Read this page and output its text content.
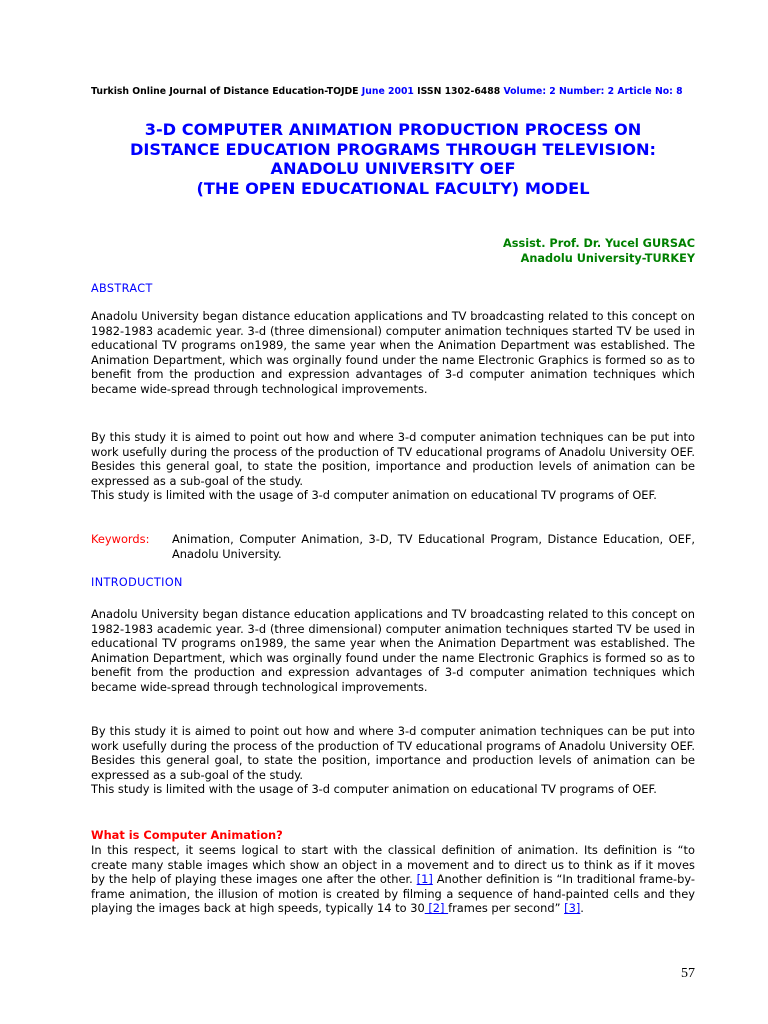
Turkish Online Journal of Distance Education-TOJDE June 2001 ISSN 1302-6488 Volume: 2 Number: 2 Article No: 8
3-D COMPUTER ANIMATION PRODUCTION PROCESS ON
DISTANCE EDUCATION PROGRAMS THROUGH TELEVISION:
ANADOLU UNIVERSITY OEF
(THE OPEN EDUCATIONAL FACULTY) MODEL
Assist. Prof. Dr. Yucel GURSAC
Anadolu University-TURKEY
ABSTRACT
Anadolu University began distance education applications and TV broadcasting related to this concept on 1982-1983 academic year. 3-d (three dimensional) computer animation techniques started TV be used in educational TV programs on1989, the same year when the Animation Department was established. The Animation Department, which was orginally found under the name Electronic Graphics is formed so as to benefit from the production and expression advantages of 3-d computer animation techniques which became wide-spread through technological improvements.
By this study it is aimed to point out how and where 3-d computer animation techniques can be put into work usefully during the process of the production of TV educational programs of Anadolu University OEF. Besides this general goal, to state the position, importance and production levels of animation can be expressed as a sub-goal of the study.
This study is limited with the usage of 3-d computer animation on educational TV programs of OEF.
Keywords: Animation, Computer Animation, 3-D, TV Educational Program, Distance Education, OEF, Anadolu University.
INTRODUCTION
Anadolu University began distance education applications and TV broadcasting related to this concept on 1982-1983 academic year. 3-d (three dimensional) computer animation techniques started TV be used in educational TV programs on1989, the same year when the Animation Department was established. The Animation Department, which was orginally found under the name Electronic Graphics is formed so as to benefit from the production and expression advantages of 3-d computer animation techniques which became wide-spread through technological improvements.
By this study it is aimed to point out how and where 3-d computer animation techniques can be put into work usefully during the process of the production of TV educational programs of Anadolu University OEF. Besides this general goal, to state the position, importance and production levels of animation can be expressed as a sub-goal of the study.
This study is limited with the usage of 3-d computer animation on educational TV programs of OEF.
What is Computer Animation?
In this respect, it seems logical to start with the classical definition of animation. Its definition is “to create many stable images which show an object in a movement and to direct us to think as if it moves by the help of playing these images one after the other. [1] Another definition is “In traditional frame-by-frame animation, the illusion of motion is created by filming a sequence of hand-painted cells and they playing the images back at high speeds, typically 14 to 30 [2] frames per second” [3].
57
